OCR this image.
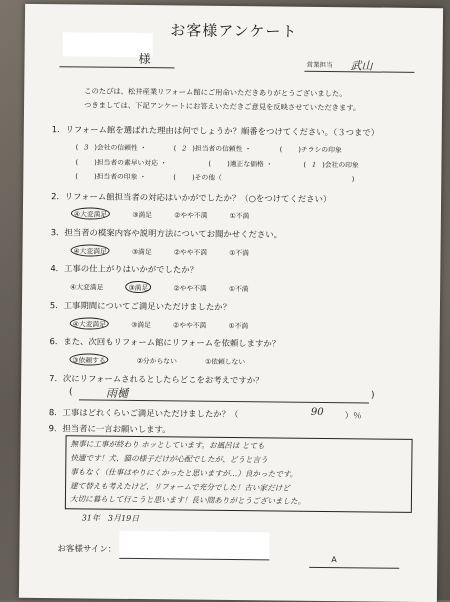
お客様アンケート
様	営業担当 武山
このたびは、松井産業リフォーム館にご用命いただきありがとうございました。
つきましては、下記アンケートにお答えいただきご意見を反映させていただきます。
1．リフォーム館を選ばれた理由は何でしょうか？順番をつけてください。（３つまで）
( 3 )会社の信頼性 ・	( 2 )担当者の信頼性 ・	( )チラシの印象
( )担当者の素早い対応 ・	( )適正な価格 ・	( 1 )会社の印象
( )担当者の印象 ・	( )その他（	)
2．リフォーム館担当者の対応はいかがでしたか？（○をつけてください）
④大変満足	③満足	②やや不満	①不満
3．担当者の模案内容や説明方法についてお聞かせください。
④大変満足	③満足	②やや不満	①不満
4．工事の仕上がりはいかがでしたか？
④大変満足	③満足	②やや不満	①不満
5．工事期間についてご満足いただけましたか？
④大変満足	③満足	②やや不満	①不満
6．また、次回もリフォーム館にリフォームを依頼しますか？
③依頼する	②分からない	①依頼しない
7．次にリフォームされるとしたらどこをお考えですか？
(	雨樋	)
8．工事はどれくらいご満足いただけましたか？（	90	）％
9．担当者に一言お願いします。
無事に工事が終わり ホッとしています。お風呂は とても
快適です！犬、猫の様子だけが心配でしたが、どうと言う
事もなく（仕事はやりにくかったと思いますが…）良かったです。
建て替えも考えたけど、リフォームで充分でした！古い家だけど
大切に暮らして行こうと思います！長い間ありがとうございました。
31年　3月19日
お客様サイン：
A
